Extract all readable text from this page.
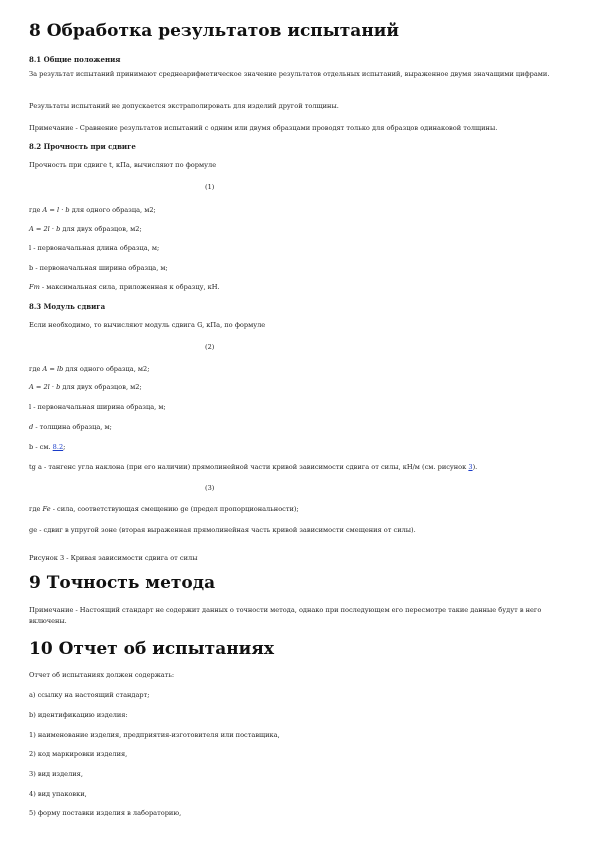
8 Обработка результатов испытаний
8.1 Общие положения
За результат испытаний принимают среднеарифметическое значение результатов отдельных испытаний, выраженное двумя значащими цифрами.
Результаты испытаний не допускается экстраполировать для изделий другой толщины.
Примечание - Сравнение результатов испытаний с одним или двумя образцами проводят только для образцов одинаковой толщины.
8.2 Прочность при сдвиге
Прочность при сдвиге t, кПа, вычисляют по формуле
(1)
где A = l · b для одного образца, м2;
A = 2l · b для двух образцов, м2;
l - первоначальная длина образца, м;
b - первоначальная ширина образца, м;
Fm - максимальная сила, приложенная к образцу, кН.
8.3 Модуль сдвига
Если необходимо, то вычисляют модуль сдвига G, кПа, по формуле
(2)
где A = lb для одного образца, м2;
A = 2l · b для двух образцов, м2;
l - первоначальная ширина образца, м;
d - толщина образца, м;
b - см. 8.2;
tg a - тангенс угла наклона (при его наличии) прямолинейной части кривой зависимости сдвига от силы, кН/м (см. рисунок 3).
(3)
где Fe - сила, соответствующая смещению ge (предел пропорциональности);
ge - сдвиг в упругой зоне (вторая выраженная прямолинейная часть кривой зависимости смещения от силы).
Рисунок 3 - Кривая зависимости сдвига от силы
9 Точность метода
Примечание - Настоящий стандарт не содержит данных о точности метода, однако при последующем его пересмотре такие данные будут в него включены.
10 Отчет об испытаниях
Отчет об испытаниях должен содержать:
а) ссылку на настоящий стандарт;
b) идентификацию изделия:
1) наименование изделия, предприятия-изготовителя или поставщика,
2) код маркировки изделия,
3) вид изделия,
4) вид упаковки,
5) форму поставки изделия в лабораторию,
